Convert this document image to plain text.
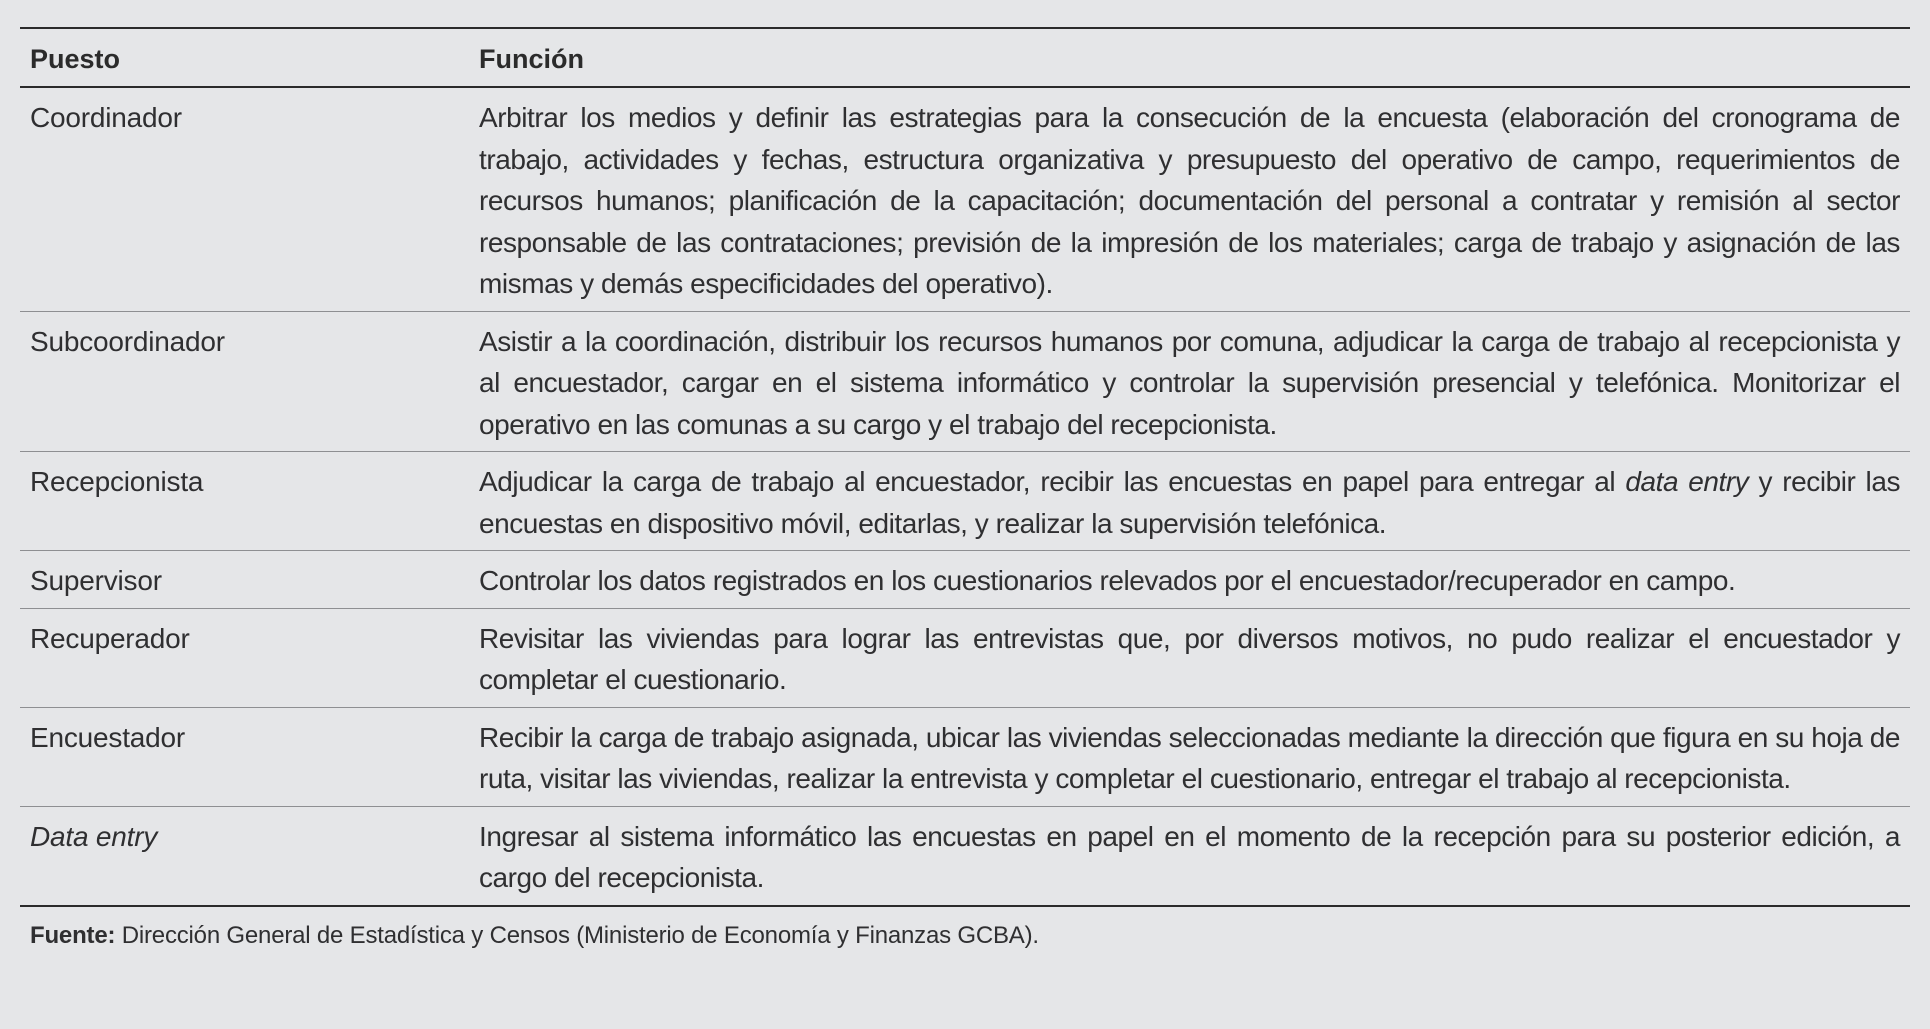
Puesto	Función
Coordinador	Arbitrar los medios y definir las estrategias para la consecución de la encuesta (elaboración del cronograma de trabajo, actividades y fechas, estructura organizativa y presupuesto del operativo de campo, requerimientos de recursos humanos; planificación de la capacitación; documentación del personal a contratar y remisión al sector responsable de las contrataciones; previsión de la impresión de los materiales; carga de trabajo y asignación de las mismas y demás especificidades del operativo).
Subcoordinador	Asistir a la coordinación, distribuir los recursos humanos por comuna, adjudicar la carga de trabajo al recepcionista y al encuestador, cargar en el sistema informático y controlar la supervisión presencial y telefónica. Monitorizar el operativo en las comunas a su cargo y el trabajo del recepcionista.
Recepcionista	Adjudicar la carga de trabajo al encuestador, recibir las encuestas en papel para entregar al data entry y recibir las encuestas en dispositivo móvil, editarlas, y realizar la supervisión telefónica.
Supervisor	Controlar los datos registrados en los cuestionarios relevados por el encuestador/recuperador en campo.
Recuperador	Revisitar las viviendas para lograr las entrevistas que, por diversos motivos, no pudo realizar el encuestador y completar el cuestionario.
Encuestador	Recibir la carga de trabajo asignada, ubicar las viviendas seleccionadas mediante la dirección que figura en su hoja de ruta, visitar las viviendas, realizar la entrevista y completar el cuestionario, entregar el trabajo al recepcionista.
Data entry	Ingresar al sistema informático las encuestas en papel en el momento de la recepción para su posterior edición, a cargo del recepcionista.
Fuente: Dirección General de Estadística y Censos (Ministerio de Economía y Finanzas GCBA).
